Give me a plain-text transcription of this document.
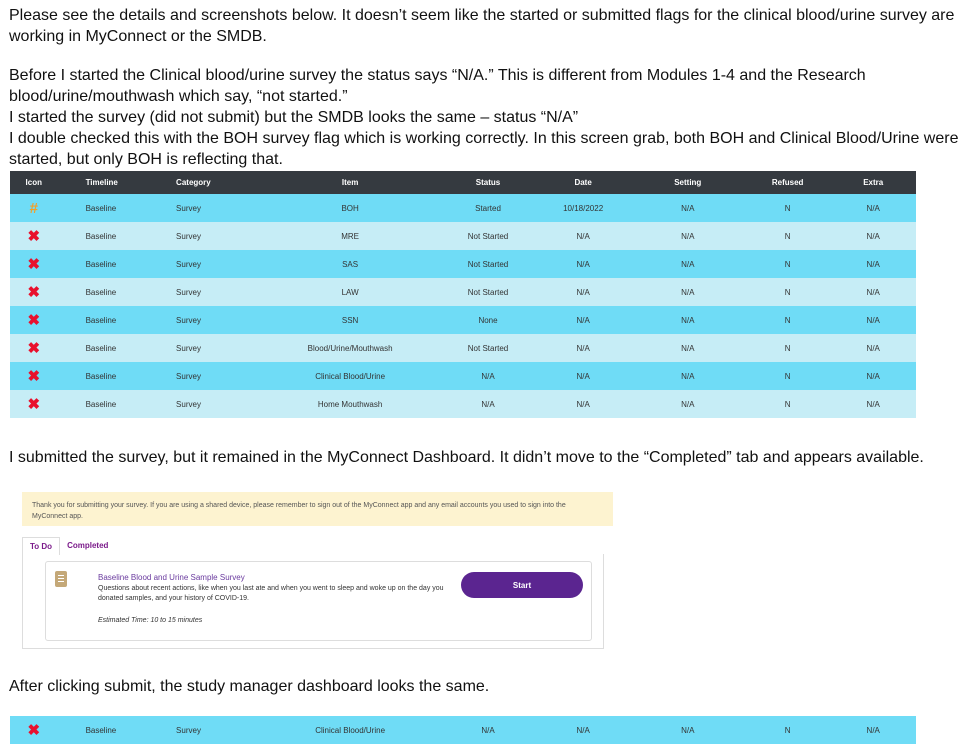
Please see the details and screenshots below. It doesn’t seem like the started or submitted flags for the clinical blood/urine survey are working in MyConnect or the SMDB.
Before I started the Clinical blood/urine survey the status says “N/A.” This is different from Modules 1-4 and the Research blood/urine/mouthwash which say, “not started.”
I started the survey (did not submit) but the SMDB looks the same – status “N/A”
I double checked this with the BOH survey flag which is working correctly. In this screen grab, both BOH and Clinical Blood/Urine were started, but only BOH is reflecting that.
Icon	Timeline	Category	Item	Status	Date	Setting	Refused	Extra
#	Baseline	Survey	BOH	Started	10/18/2022	N/A	N	N/A
✖	Baseline	Survey	MRE	Not Started	N/A	N/A	N	N/A
✖	Baseline	Survey	SAS	Not Started	N/A	N/A	N	N/A
✖	Baseline	Survey	LAW	Not Started	N/A	N/A	N	N/A
✖	Baseline	Survey	SSN	None	N/A	N/A	N	N/A
✖	Baseline	Survey	Blood/Urine/Mouthwash	Not Started	N/A	N/A	N	N/A
✖	Baseline	Survey	Clinical Blood/Urine	N/A	N/A	N/A	N	N/A
✖	Baseline	Survey	Home Mouthwash	N/A	N/A	N/A	N	N/A
I submitted the survey, but it remained in the MyConnect Dashboard. It didn’t move to the “Completed” tab and appears available.
Thank you for submitting your survey. If you are using a shared device, please remember to sign out of the MyConnect app and any email accounts you used to sign into the MyConnect app.
To Do	Completed
Baseline Blood and Urine Sample Survey
Questions about recent actions, like when you last ate and when you went to sleep and woke up on the day you donated samples, and your history of COVID-19.
Estimated Time: 10 to 15 minutes
Start
After clicking submit, the study manager dashboard looks the same.
✖	Baseline	Survey	Clinical Blood/Urine	N/A	N/A	N/A	N	N/A
